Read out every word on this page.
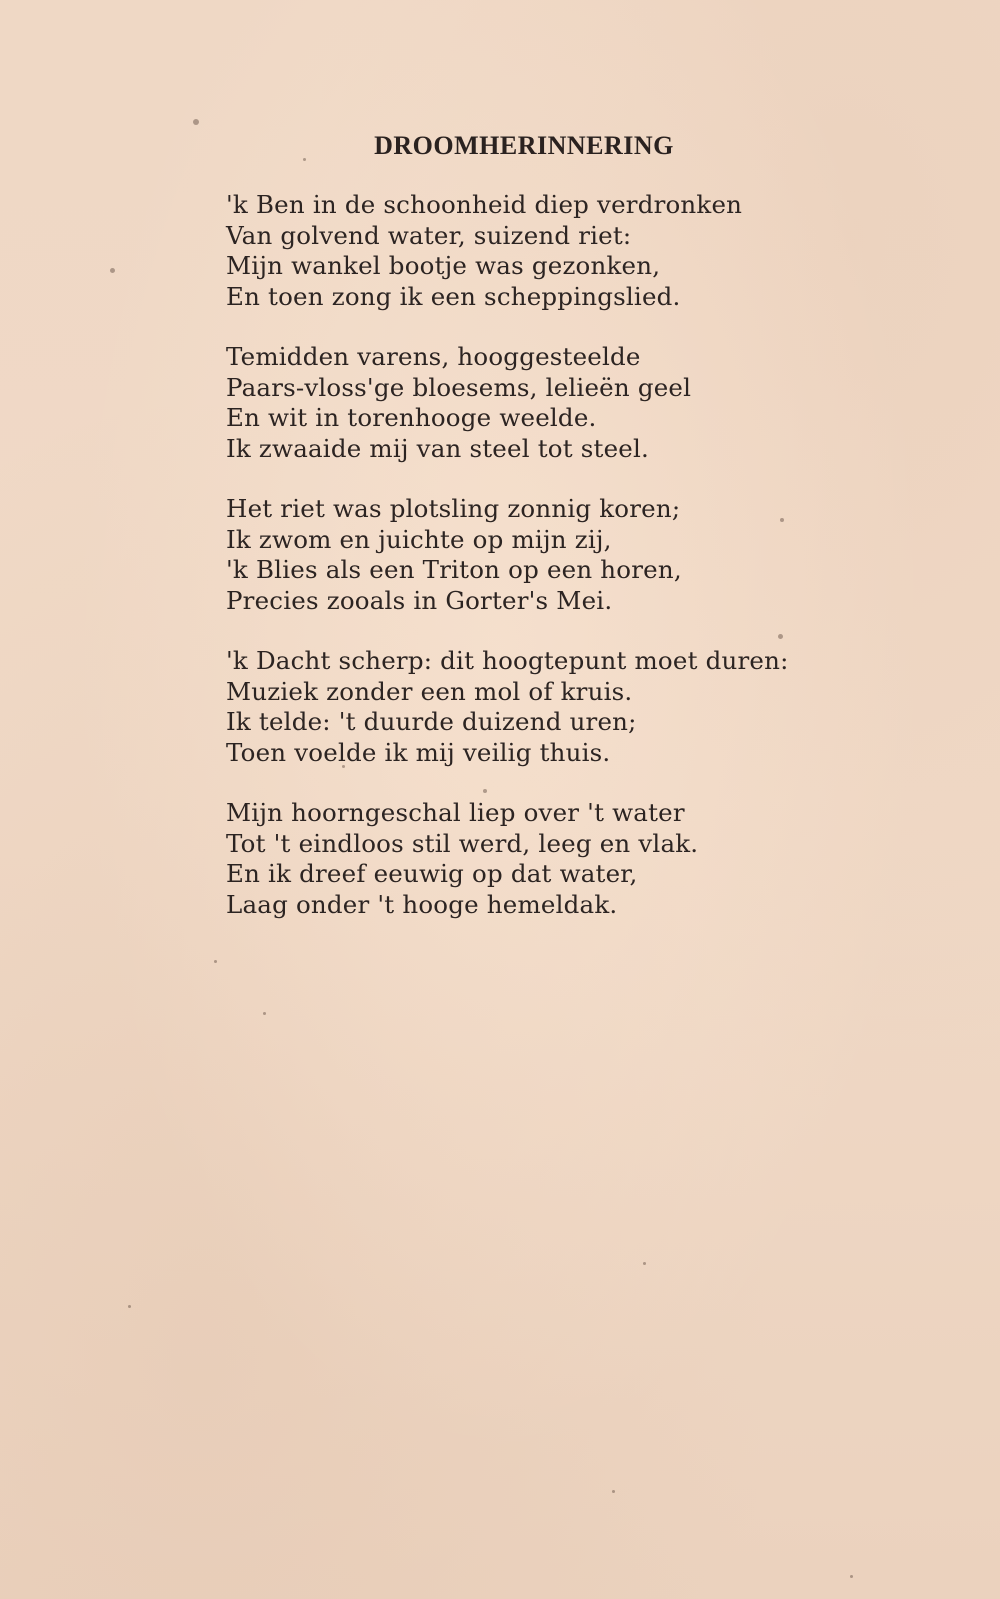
DROOMHERINNERING
'k Ben in de schoonheid diep verdronken
Van golvend water, suizend riet:
Mijn wankel bootje was gezonken,
En toen zong ik een scheppingslied.
Temidden varens, hooggesteelde
Paars-vloss'ge bloesems, lelieën geel
En wit in torenhooge weelde.
Ik zwaaide mij van steel tot steel.
Het riet was plotsling zonnig koren;
Ik zwom en juichte op mijn zij,
'k Blies als een Triton op een horen,
Precies zooals in Gorter's Mei.
'k Dacht scherp: dit hoogtepunt moet duren:
Muziek zonder een mol of kruis.
Ik telde: 't duurde duizend uren;
Toen voelde ik mij veilig thuis.
Mijn hoorngeschal liep over 't water
Tot 't eindloos stil werd, leeg en vlak.
En ik dreef eeuwig op dat water,
Laag onder 't hooge hemeldak.
